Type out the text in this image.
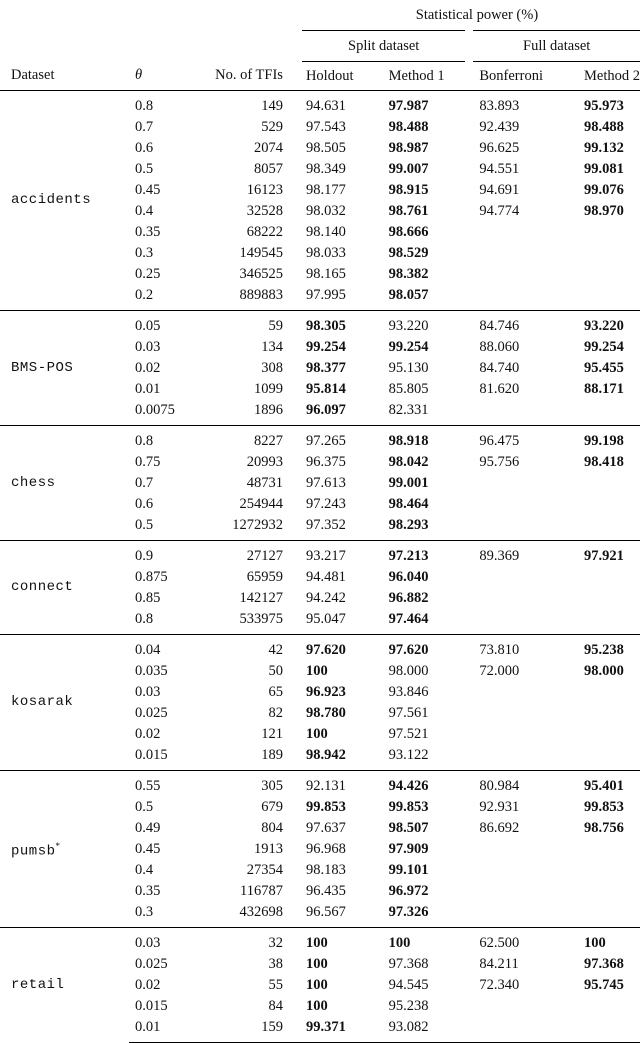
			Statistical power (%)			
			Split dataset		Full dataset	
Dataset	θ	No. of TFIs	Holdout	Method 1	Bonferroni	Method 2
accidents	0.8	149	94.631	97.987	83.893	95.973
	0.7	529	97.543	98.488	92.439	98.488
	0.6	2074	98.505	98.987	96.625	99.132
	0.5	8057	98.349	99.007	94.551	99.081
	0.45	16123	98.177	98.915	94.691	99.076
	0.4	32528	98.032	98.761	94.774	98.970
	0.35	68222	98.140	98.666		
	0.3	149545	98.033	98.529		
	0.25	346525	98.165	98.382		
	0.2	889883	97.995	98.057		
BMS-POS	0.05	59	98.305	93.220	84.746	93.220
	0.03	134	99.254	99.254	88.060	99.254
	0.02	308	98.377	95.130	84.740	95.455
	0.01	1099	95.814	85.805	81.620	88.171
	0.0075	1896	96.097	82.331		
chess	0.8	8227	97.265	98.918	96.475	99.198
	0.75	20993	96.375	98.042	95.756	98.418
	0.7	48731	97.613	99.001		
	0.6	254944	97.243	98.464		
	0.5	1272932	97.352	98.293		
connect	0.9	27127	93.217	97.213	89.369	97.921
	0.875	65959	94.481	96.040		
	0.85	142127	94.242	96.882		
	0.8	533975	95.047	97.464		
kosarak	0.04	42	97.620	97.620	73.810	95.238
	0.035	50	100	98.000	72.000	98.000
	0.03	65	96.923	93.846		
	0.025	82	98.780	97.561		
	0.02	121	100	97.521		
	0.015	189	98.942	93.122		
pumsb*	0.55	305	92.131	94.426	80.984	95.401
	0.5	679	99.853	99.853	92.931	99.853
	0.49	804	97.637	98.507	86.692	98.756
	0.45	1913	96.968	97.909		
	0.4	27354	98.183	99.101		
	0.35	116787	96.435	96.972		
	0.3	432698	96.567	97.326		
retail	0.03	32	100	100	62.500	100
	0.025	38	100	97.368	84.211	97.368
	0.02	55	100	94.545	72.340	95.745
	0.015	84	100	95.238		
	0.01	159	99.371	93.082		
